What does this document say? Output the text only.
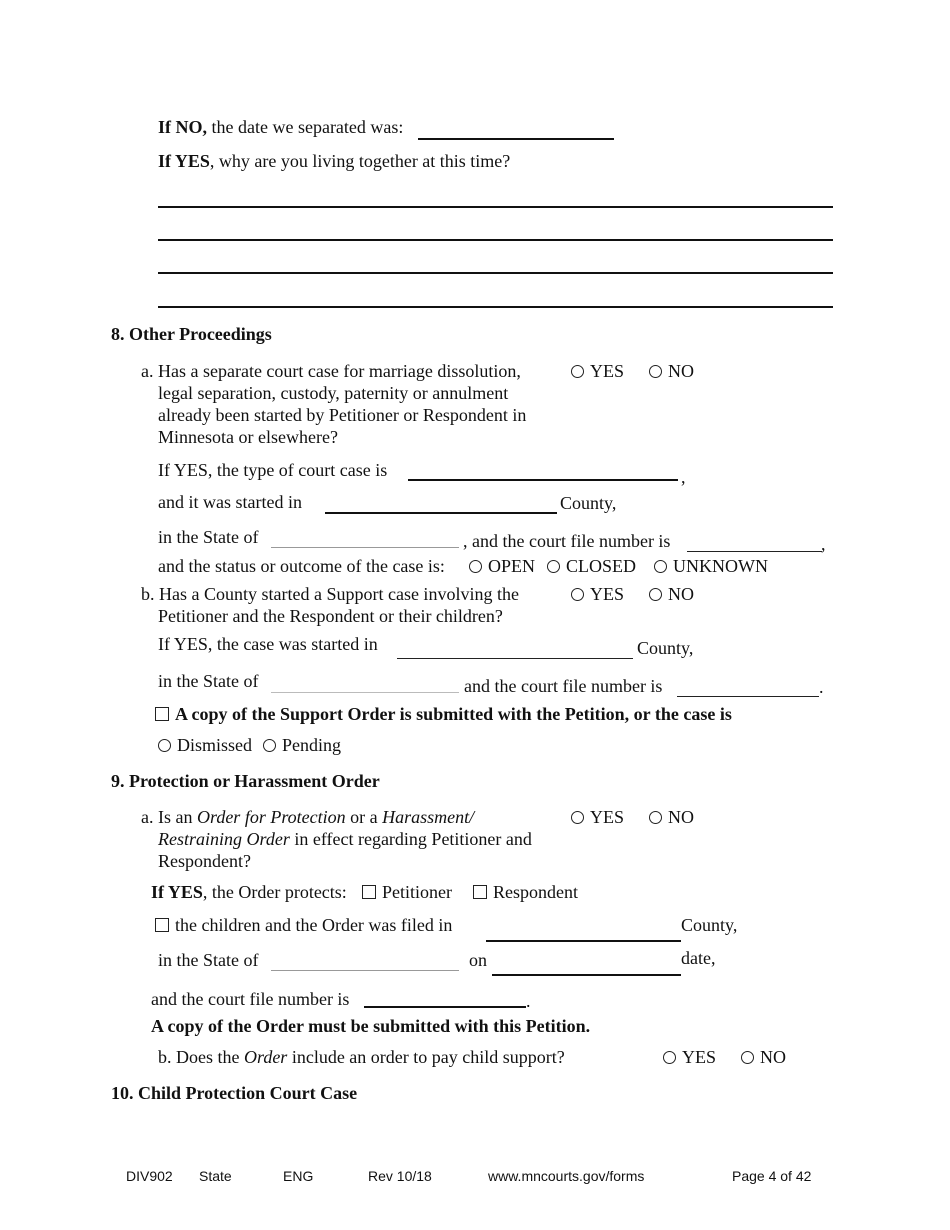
If NO, the date we separated was:
If YES, why are you living together at this time?
8. Other Proceedings
a. Has a separate court case for marriage dissolution,
legal separation, custody, paternity or annulment
already been started by Petitioner or Respondent in
Minnesota or elsewhere?
YES	NO
If YES, the type of court case is	,
and it was started in	County,
in the State of	, and the court file number is	,
and the status or outcome of the case is:	OPEN	CLOSED	UNKNOWN
b. Has a County started a Support case involving the
Petitioner and the Respondent or their children?
YES	NO
If YES, the case was started in	County,
in the State of	and the court file number is	.
A copy of the Support Order is submitted with the Petition, or the case is
Dismissed	Pending
9. Protection or Harassment Order
a. Is an Order for Protection or a Harassment/
Restraining Order in effect regarding Petitioner and
Respondent?
YES	NO
If YES, the Order protects:	Petitioner	Respondent
the children and the Order was filed in	County,
in the State of	on	date,
and the court file number is	.
A copy of the Order must be submitted with this Petition.
b. Does the Order include an order to pay child support?	YES	NO
10. Child Protection Court Case
DIV902 State	ENG	Rev 10/18	www.mncourts.gov/forms	Page 4 of 42
